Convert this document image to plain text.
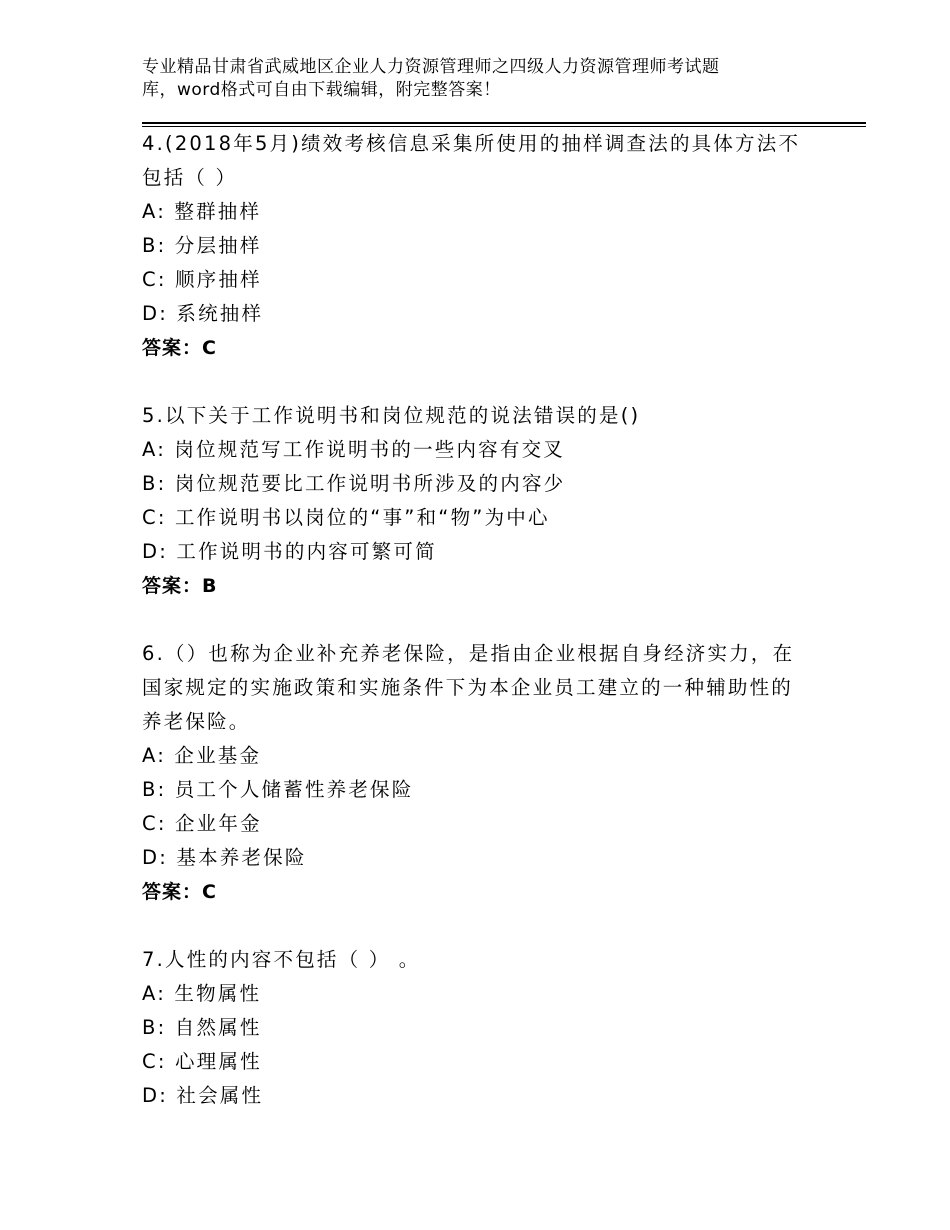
专业精品甘肃省武威地区企业人力资源管理师之四级人力资源管理师考试题
库，word格式可自由下载编辑，附完整答案！
4.(2018年5月)绩效考核信息采集所使用的抽样调查法的具体方法不
包括（ ）
A: 整群抽样
B: 分层抽样
C: 顺序抽样
D: 系统抽样
答案：C
5.以下关于工作说明书和岗位规范的说法错误的是()
A: 岗位规范写工作说明书的一些内容有交叉
B: 岗位规范要比工作说明书所涉及的内容少
C: 工作说明书以岗位的“事”和“物”为中心
D: 工作说明书的内容可繁可简
答案：B
6.（）也称为企业补充养老保险，是指由企业根据自身经济实力，在
国家规定的实施政策和实施条件下为本企业员工建立的一种辅助性的
养老保险。
A: 企业基金
B: 员工个人储蓄性养老保险
C: 企业年金
D: 基本养老保险
答案：C
7.人性的内容不包括（ ） 。
A: 生物属性
B: 自然属性
C: 心理属性
D: 社会属性
